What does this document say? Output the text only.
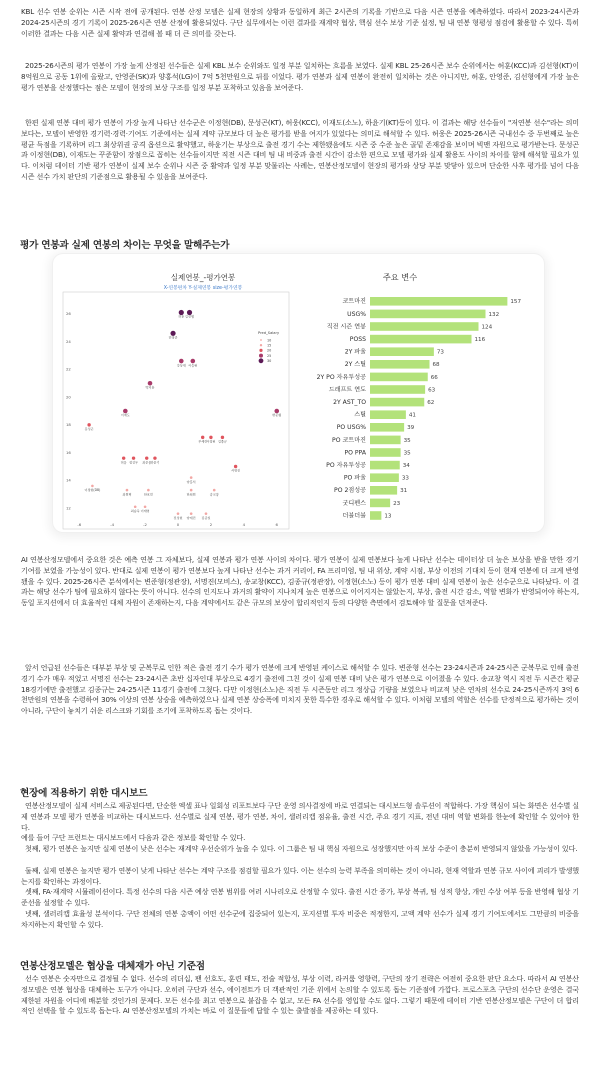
KBL 선수 연봉 순위는 시즌 시작 전에 공개된다. 연봉 산정 모델은 실제 현장의 상황과 동일하게 최근 2시즌의 기록을 기반으로 다음 시즌 연봉을 예측하였다. 따라서 2023-24시즌과 2024-25시즌의 경기 기록이 2025-26시즌 연봉 산정에 활용되었다. 구단 실무에서는 이런 결과를 재계약 협상, 핵심 선수 보상 기준 설정, 팀 내 연봉 형평성 점검에 활용할 수 있다. 특히 이러한 결과는 다음 시즌 실제 활약과 연결해 볼 때 더 큰 의미를 갖는다.

2025-26시즌의 평가 연봉이 가장 높게 산정된 선수들은 실제 KBL 보수 순위와도 일정 부분 일치하는 흐름을 보였다. 실제 KBL 25-26시즌 보수 순위에서는 허훈(KCC)과 김선형(KT)이 8억원으로 공동 1위에 올랐고, 안영준(SK)과 양홍석(LG)이 7억 5천만원으로 뒤를 이었다. 평가 연봉과 실제 연봉이 완전히 일치하는 것은 아니지만, 허훈, 안영준, 김선형에게 가장 높은 평가 연봉을 산정했다는 점은 모델이 현장의 보상 구조를 일정 부분 포착하고 있음을 보여준다.

한편 실제 연봉 대비 평가 연봉이 가장 높게 나타난 선수군은 이정현(DB), 문성곤(KT), 허웅(KCC), 이재도(소노), 하윤기(KT)등이 있다. 이 결과는 해당 선수들이 "저연봉 선수"라는 의미보다는, 모델이 반영한 경기력·경력·기여도 기준에서는 실제 계약 규모보다 더 높은 평가를 받을 여지가 있었다는 의미로 해석할 수 있다. 허웅은 2025-26시즌 국내선수 중 두번째로 높은 평균 득점을 기록하며 리그 최상위권 공격 옵션으로 활약했고, 하윤기는 부상으로 출전 경기 수는 제한됐음에도 시즌 중 수준 높은 골밑 존재감을 보이며 빅맨 자원으로 평가받는다. 문성곤과 이정현(DB), 이재도는 꾸준함이 장점으로 꼽히는 선수들이지만 직전 시즌 대비 팀 내 비중과 출전 시간이 감소한 편으로 모델 평가와 실제 활용도 사이의 차이를 함께 해석할 필요가 있다. 이처럼 데이터 기반 평가 연봉이 실제 보수 순위나 시즌 중 활약과 일정 부분 맞물리는 사례는, 연봉산정모델이 현장의 평가와 상당 부분 맞닿아 있으며 단순한 사후 평가를 넘어 다음 시즌 선수 가치 판단의 기준점으로 활용될 수 있음을 보여준다.

평가 연봉과 실제 연봉의 차이는 무엇을 말해주는가
실제연봉_-평가연봉
X-연봉편차 Y-실제연봉 size-평가연봉
12
14
16
18
20
22
24
26
-6	-4	-2	0	2	4	6
허훈 김선형
안영준
강상재 이승현
박지훈
이재도
문성곤
변준형
부세킨 이정현 김종규
허웅 정성우 최준용 하윤기
양홍석
서명진
이정현(DB)
최원혁	한호빈	한희원	송교창
최승욱 이재영
전성현 양재민 김준일
Pred_Salary
10
15
20
25
30
주요 변수
코트마진	157
USG%	132
직전 시즌 연봉	124
POSS	116
2Y 파울	73
2Y 스틸	68
2Y PO 자유투성공	66
드래프트 연도	63
2Y AST_TO	62
스틸	41
PO USG%	39
PO 코트마진	35
PO PPA	35
PO 자유투성공	34
PO 파울	33
PO 2점성공	31
굿디펜스	23
더블더블	13

AI 연봉산정모델에서 중요한 것은 예측 연봉 그 자체보다, 실제 연봉과 평가 연봉 사이의 차이다. 평가 연봉이 실제 연봉보다 높게 나타난 선수는 데이터상 더 높은 보상을 받을 만한 경기 기여를 보였을 가능성이 있다. 반대로 실제 연봉이 평가 연봉보다 높게 나타난 선수는 과거 커리어, FA 프리미엄, 팀 내 위상, 계약 시점, 부상 이전의 기대치 등이 현재 연봉에 더 크게 반영됐을 수 있다. 2025-26시즌 분석에서는 변준형(정관장), 서명진(모비스), 송교창(KCC), 김종규(정관장), 이정현(소노) 등이 평가 연봉 대비 실제 연봉이 높은 선수군으로 나타났다. 이 결과는 해당 선수가 팀에 필요하지 않다는 뜻이 아니다. 선수의 인지도나 과거의 활약이 지나치게 높은 연봉으로 이어지지는 않았는지, 부상, 출전 시간 감소, 역할 변화가 반영되어야 하는지, 동일 포지션에서 더 효율적인 대체 자원이 존재하는지, 다음 계약에서도 같은 규모의 보상이 합리적인지 등의 다양한 측면에서 검토해야 할 질문을 던져준다.

앞서 언급된 선수들은 대부분 부상 및 군복무로 인한 적은 출전 경기 수가 평가 연봉에 크게 반영된 케이스로 해석할 수 있다. 변준형 선수는 23-24시즌과 24-25시즌 군복무로 인해 출전 경기 수가 매우 적었고 서명진 선수는 23-24시즌 초반 십자인대 부상으로 4경기 출전에 그친 것이 실제 연봉 대비 낮은 평가 연봉으로 이어졌을 수 있다. 송교창 역시 직전 두 시즌간 평균 18경기에만 출전했고 김종규는 24-25시즌 11경기 출전에 그쳤다. 다만 이정현(소노)은 직전 두 시즌동안 리그 정상급 기량을 보였으나 비교적 낮은 연차의 선수로 24-25시즌까지 3억 6천만원의 연봉을 수령하여 30% 이상의 연봉 상승을 예측하였으나 실제 연봉 상승폭에 미치지 못한 특수한 경우로 해석할 수 있다. 이처럼 모델의 역할은 선수를 단정적으로 평가하는 것이 아니라, 구단이 놓치기 쉬운 리스크와 기회를 조기에 포착하도록 돕는 것이다.

현장에 적용하기 위한 대시보드

연봉산정모델이 실제 서비스로 제공된다면, 단순한 엑셀 표나 일회성 리포트보다 구단 운영 의사결정에 바로 연결되는 대시보드형 솔루션이 적합하다. 가장 핵심이 되는 화면은 선수별 실제 연봉과 모델 평가 연봉을 비교하는 대시보드다. 선수별로 실제 연봉, 평가 연봉, 차이, 샐러리캡 점유율, 출전 시간, 주요 경기 지표, 전년 대비 역할 변화를 한눈에 확인할 수 있어야 한다.

예를 들어 구단 프런트는 대시보드에서 다음과 같은 정보를 확인할 수 있다.

첫째, 평가 연봉은 높지만 실제 연봉이 낮은 선수는 재계약 우선순위가 높을 수 있다. 이 그룹은 팀 내 핵심 자원으로 성장했지만 아직 보상 수준이 충분히 반영되지 않았을 가능성이 있다.

둘째, 실제 연봉은 높지만 평가 연봉이 낮게 나타난 선수는 계약 구조를 점검할 필요가 있다. 이는 선수의 능력 부족을 의미하는 것이 아니라, 현재 역할과 연봉 규모 사이에 괴리가 발생했는지를 확인하는 과정이다.

셋째, FA·재계약 시뮬레이션이다. 특정 선수의 다음 시즌 예상 연봉 범위를 여러 시나리오로 산정할 수 있다. 출전 시간 증가, 부상 복귀, 팀 성적 향상, 개인 수상 여부 등을 반영해 협상 기준선을 설정할 수 있다.

넷째, 샐러리캡 효율성 분석이다. 구단 전체의 연봉 총액이 어떤 선수군에 집중되어 있는지, 포지션별 투자 비중은 적정한지, 고액 계약 선수가 실제 경기 기여도에서도 그만큼의 비중을 차지하는지 확인할 수 있다.

연봉산정모델은 협상을 대체재가 아닌 기준점

선수 연봉은 숫자만으로 결정될 수 없다. 선수의 리더십, 팬 선호도, 훈련 태도, 전술 적합성, 부상 이력, 라커룸 영향력, 구단의 장기 전략은 여전히 중요한 판단 요소다. 따라서 AI 연봉산정모델은 연봉 협상을 대체하는 도구가 아니다. 오히려 구단과 선수, 에이전트가 더 객관적인 기준 위에서 논의할 수 있도록 돕는 기준점에 가깝다. 프로스포츠 구단의 선수단 운영은 결국 제한된 자원을 어디에 배분할 것인가의 문제다. 모든 선수를 최고 연봉으로 붙잡을 수 없고, 모든 FA 선수를 영입할 수도 없다. 그렇기 때문에 데이터 기반 연봉산정모델은 구단이 더 합리적인 선택을 할 수 있도록 돕는다. AI 연봉산정모델의 가치는 바로 이 질문들에 답할 수 있는 출발점을 제공하는 데 있다.
